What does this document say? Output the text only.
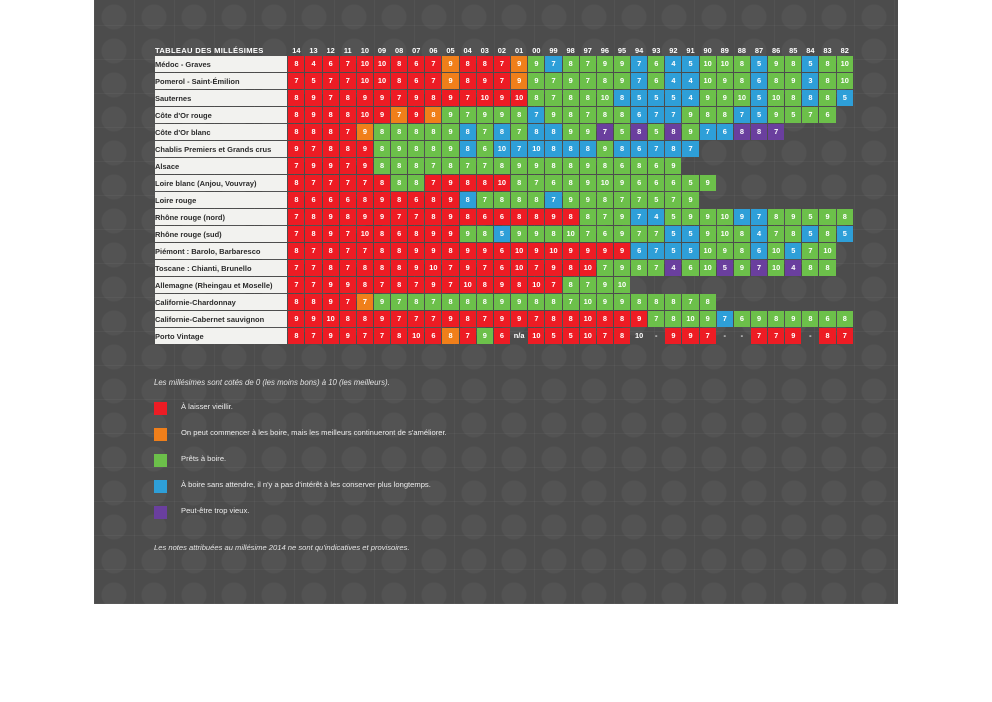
TABLEAU DES MILLÉSIMES	14	13	12	11	10	09	08	07	06	05	04	03	02	01	00	99	98	97	96	95	94	93	92	91	90	89	88	87	86	85	84	83	82
Médoc - Graves	8	4	6	7	10	10	8	6	7	9	8	8	7	9	9	7	8	7	9	9	7	6	4	5	10	10	8	5	9	8	5	8	10
Pomerol - Saint-Émilion	7	5	7	7	10	10	8	6	7	9	8	9	7	9	9	7	9	7	8	9	7	6	4	4	10	9	8	6	8	9	3	8	10
Sauternes	8	9	7	8	9	9	7	9	8	9	7	10	9	10	8	7	8	8	10	8	5	5	5	4	9	9	10	5	10	8	8	8	5
Côte d'Or rouge	8	9	8	8	10	9	7	9	8	9	7	9	9	8	7	9	8	7	8	8	6	7	7	9	8	8	7	5	9	5	7	6	
Côte d'Or blanc	8	8	8	7	9	8	8	8	8	9	8	7	8	7	8	8	9	9	7	5	8	5	8	9	7	6	8	8	7				
Chablis Premiers et Grands crus	9	7	8	8	9	8	9	8	8	9	8	6	10	7	10	8	8	8	9	8	6	7	8	7									
Alsace	7	9	9	7	9	8	8	8	7	8	7	7	8	9	9	8	8	9	8	6	8	6	9										
Loire blanc (Anjou, Vouvray)	8	7	7	7	7	8	8	8	7	9	8	8	10	8	7	6	8	9	10	9	6	6	6	5	9								
Loire rouge	8	6	6	6	8	9	8	6	8	9	8	7	8	8	8	7	9	9	8	7	7	5	7	9									
Rhône rouge (nord)	7	8	9	8	9	9	7	7	8	9	8	6	6	8	8	9	8	8	7	9	7	4	5	9	9	10	9	7	8	9	5	9	8
Rhône rouge (sud)	7	8	9	7	10	8	6	8	9	9	9	8	5	9	9	8	10	7	6	9	7	7	5	5	9	10	8	4	7	8	5	8	5
Piémont : Barolo, Barbaresco	8	7	8	7	7	8	8	9	9	8	9	9	6	10	9	10	9	9	9	9	6	7	5	5	10	9	8	6	10	5	7	10	
Toscane : Chianti, Brunello	7	7	8	7	8	8	8	9	10	7	9	7	6	10	7	9	8	10	7	9	8	7	4	6	10	5	9	7	10	4	8	8	
Allemagne (Rheingau et Moselle)	7	7	9	9	8	7	8	7	9	7	10	8	9	8	10	7	8	7	9	10													
Californie-Chardonnay	8	8	9	7	7	9	7	8	7	8	8	8	9	9	8	8	7	10	9	9	8	8	8	7	8								
Californie-Cabernet sauvignon	9	9	10	8	8	9	7	7	7	9	8	7	9	9	7	8	8	10	8	8	9	7	8	10	9	7	6	9	8	9	8	6	8
Porto Vintage	8	7	9	9	7	7	8	10	6	8	7	9	6	n/a	10	5	5	10	7	8	10	-	9	9	7	-	-	7	7	9	-	8	7
Les millésimes sont cotés de 0 (les moins bons) à 10 (les meilleurs).
À laisser vieillir.
On peut commencer à les boire, mais les meilleurs continueront de s'améliorer.
Prêts à boire.
À boire sans attendre, il n'y a pas d'intérêt à les conserver plus longtemps.
Peut-être trop vieux.
Les notes attribuées au millésime 2014 ne sont qu'indicatives et provisoires.
